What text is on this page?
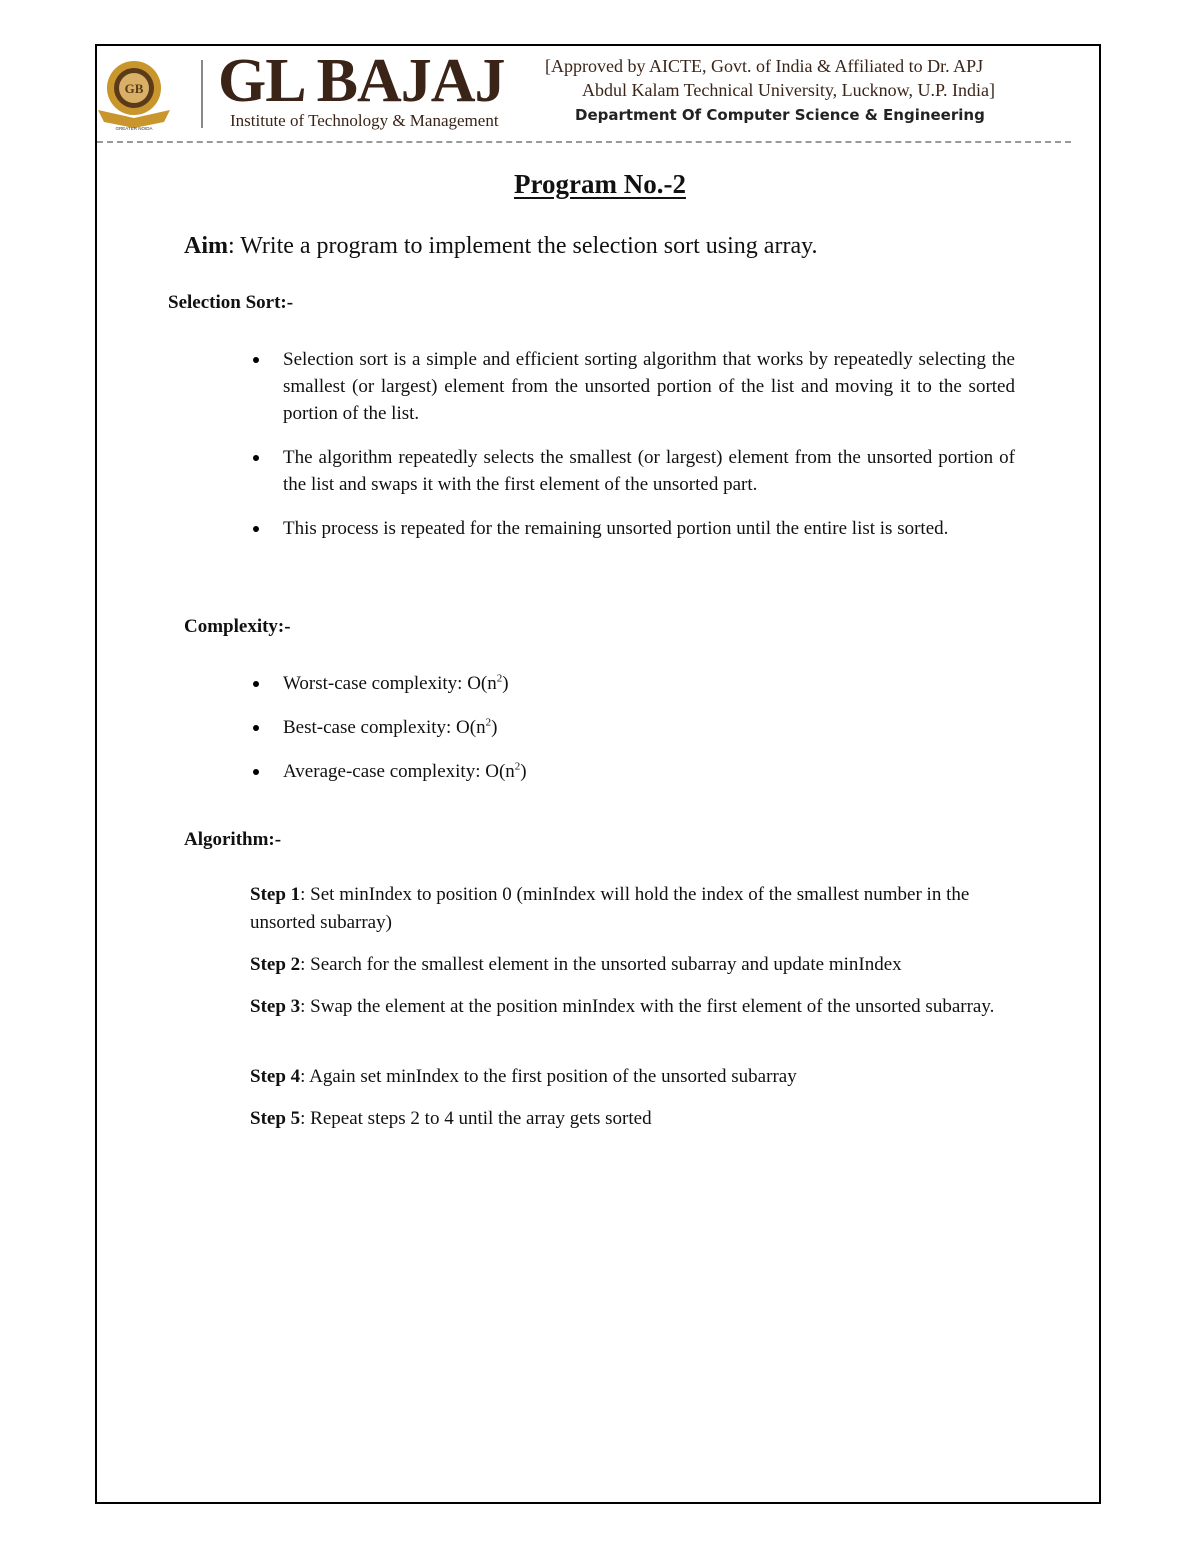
GB
GREATER NOIDA
GL BAJAJ
Institute of Technology & Management
[Approved by AICTE, Govt. of India & Affiliated to Dr. APJ
Abdul Kalam Technical University, Lucknow, U.P. India]
Department Of Computer Science & Engineering
Program No.-2
Aim: Write a program to implement the selection sort using array.
Selection Sort:-
Selection sort is a simple and efficient sorting algorithm that works by repeatedly selecting the smallest (or largest) element from the unsorted portion of the list and moving it to the sorted portion of the list.
The algorithm repeatedly selects the smallest (or largest) element from the unsorted portion of the list and swaps it with the first element of the unsorted part.
This process is repeated for the remaining unsorted portion until the entire list is sorted.
Complexity:-
Worst-case complexity: $O(n^2)$
Best-case complexity: $O(n^2)$
Average-case complexity: $O(n^2)$
Algorithm:-
Step 1: Set minIndex to position 0 (minIndex will hold the index of the smallest number in the unsorted subarray)
Step 2: Search for the smallest element in the unsorted subarray and update minIndex
Step 3: Swap the element at the position minIndex with the first element of the unsorted subarray.
Step 4: Again set minIndex to the first position of the unsorted subarray
Step 5: Repeat steps 2 to 4 until the array gets sorted
